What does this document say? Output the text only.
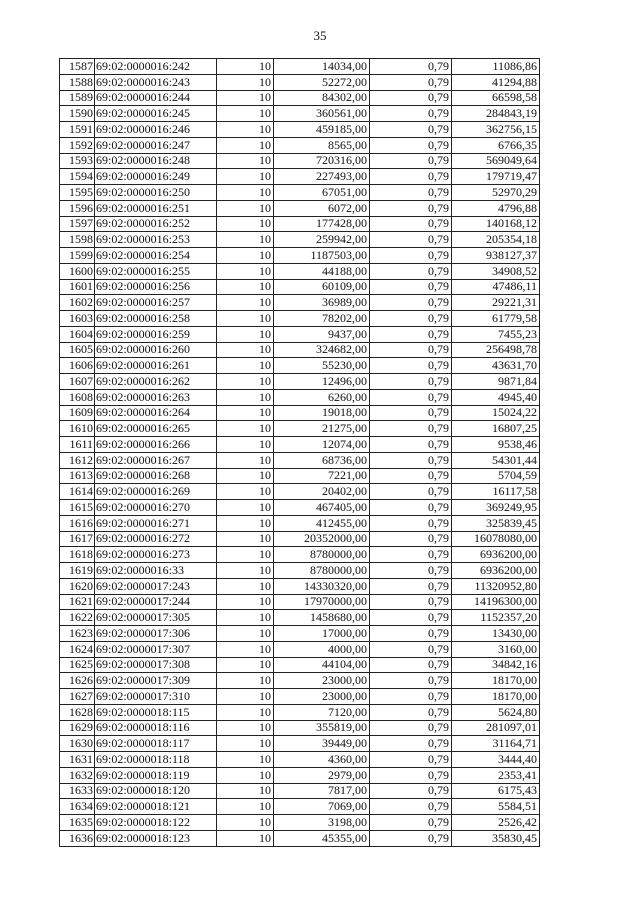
35
1587	69:02:0000016:242	10	14034,00	0,79	11086,86
1588	69:02:0000016:243	10	52272,00	0,79	41294,88
1589	69:02:0000016:244	10	84302,00	0,79	66598,58
1590	69:02:0000016:245	10	360561,00	0,79	284843,19
1591	69:02:0000016:246	10	459185,00	0,79	362756,15
1592	69:02:0000016:247	10	8565,00	0,79	6766,35
1593	69:02:0000016:248	10	720316,00	0,79	569049,64
1594	69:02:0000016:249	10	227493,00	0,79	179719,47
1595	69:02:0000016:250	10	67051,00	0,79	52970,29
1596	69:02:0000016:251	10	6072,00	0,79	4796,88
1597	69:02:0000016:252	10	177428,00	0,79	140168,12
1598	69:02:0000016:253	10	259942,00	0,79	205354,18
1599	69:02:0000016:254	10	1187503,00	0,79	938127,37
1600	69:02:0000016:255	10	44188,00	0,79	34908,52
1601	69:02:0000016:256	10	60109,00	0,79	47486,11
1602	69:02:0000016:257	10	36989,00	0,79	29221,31
1603	69:02:0000016:258	10	78202,00	0,79	61779,58
1604	69:02:0000016:259	10	9437,00	0,79	7455,23
1605	69:02:0000016:260	10	324682,00	0,79	256498,78
1606	69:02:0000016:261	10	55230,00	0,79	43631,70
1607	69:02:0000016:262	10	12496,00	0,79	9871,84
1608	69:02:0000016:263	10	6260,00	0,79	4945,40
1609	69:02:0000016:264	10	19018,00	0,79	15024,22
1610	69:02:0000016:265	10	21275,00	0,79	16807,25
1611	69:02:0000016:266	10	12074,00	0,79	9538,46
1612	69:02:0000016:267	10	68736,00	0,79	54301,44
1613	69:02:0000016:268	10	7221,00	0,79	5704,59
1614	69:02:0000016:269	10	20402,00	0,79	16117,58
1615	69:02:0000016:270	10	467405,00	0,79	369249,95
1616	69:02:0000016:271	10	412455,00	0,79	325839,45
1617	69:02:0000016:272	10	20352000,00	0,79	16078080,00
1618	69:02:0000016:273	10	8780000,00	0,79	6936200,00
1619	69:02:0000016:33	10	8780000,00	0,79	6936200,00
1620	69:02:0000017:243	10	14330320,00	0,79	11320952,80
1621	69:02:0000017:244	10	17970000,00	0,79	14196300,00
1622	69:02:0000017:305	10	1458680,00	0,79	1152357,20
1623	69:02:0000017:306	10	17000,00	0,79	13430,00
1624	69:02:0000017:307	10	4000,00	0,79	3160,00
1625	69:02:0000017:308	10	44104,00	0,79	34842,16
1626	69:02:0000017:309	10	23000,00	0,79	18170,00
1627	69:02:0000017:310	10	23000,00	0,79	18170,00
1628	69:02:0000018:115	10	7120,00	0,79	5624,80
1629	69:02:0000018:116	10	355819,00	0,79	281097,01
1630	69:02:0000018:117	10	39449,00	0,79	31164,71
1631	69:02:0000018:118	10	4360,00	0,79	3444,40
1632	69:02:0000018:119	10	2979,00	0,79	2353,41
1633	69:02:0000018:120	10	7817,00	0,79	6175,43
1634	69:02:0000018:121	10	7069,00	0,79	5584,51
1635	69:02:0000018:122	10	3198,00	0,79	2526,42
1636	69:02:0000018:123	10	45355,00	0,79	35830,45
